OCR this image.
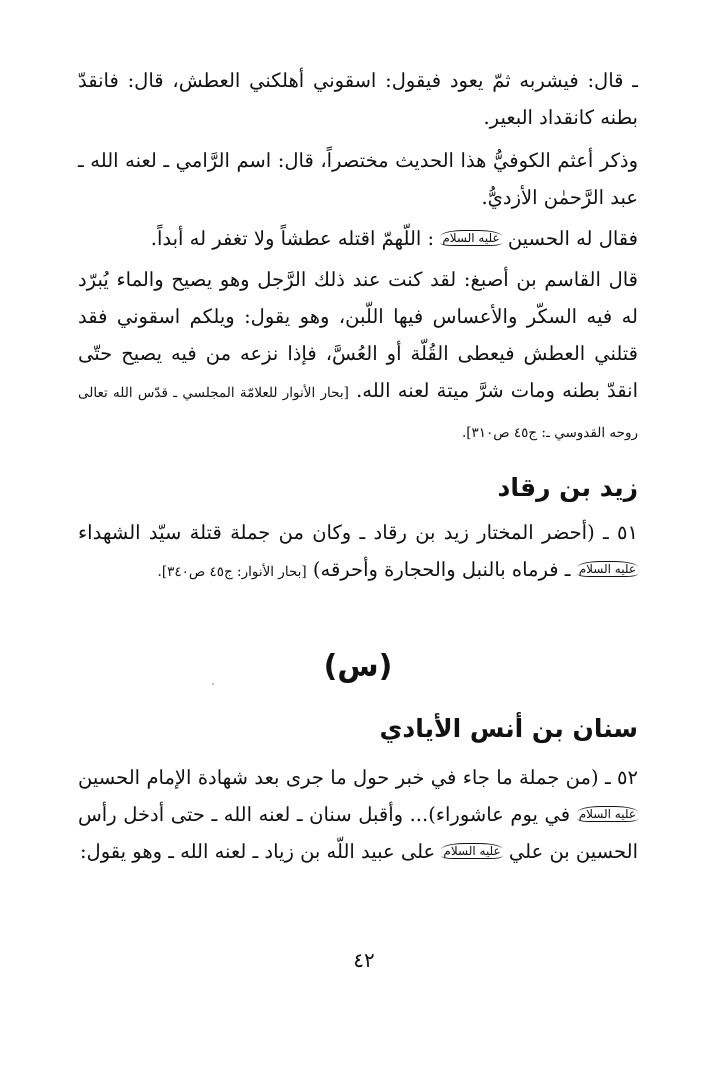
ـ قال: فيشربه ثمّ يعود فيقول: اسقوني أهلكني العطش، قال: فانقدّ بطنه كانقداد البعير.

وذكر أعثم الكوفيُّ هذا الحديث مختصراً، قال: اسم الرَّامي ـ لعنه الله ـ عبد الرَّحمٰن الأزديُّ.

فقال له الحسين عليه السلام : اللّهمّ اقتله عطشاً ولا تغفر له أبداً.

قال القاسم بن أصبغ: لقد كنت عند ذلك الرَّجل وهو يصيح والماء يُبرّد له فيه السكّر والأعساس فيها اللّبن، وهو يقول: ويلكم اسقوني فقد قتلني العطش فيعطى القُلّة أو العُسَّ، فإذا نزعه من فيه يصيح حتّى انقدّ بطنه ومات شرَّ ميتة لعنه الله. [بحار الأنوار للعلامّة المجلسي ـ قدّس الله تعالى روحه القدوسي ـ: ج٤٥ ص٣١٠].

زيد بن رقاد

٥١ ـ (أحضر المختار زيد بن رقاد ـ وكان من جملة قتلة سيّد الشهداء عليه السلام ـ فرماه بالنبل والحجارة وأحرقه) [بحار الأنوار: ج٤٥ ص٣٤٠].

(س)
سنان بن أنس الأيادي

٥٢ ـ (من جملة ما جاء في خبر حول ما جرى بعد شهادة الإمام الحسين عليه السلام في يوم عاشوراء)... وأقبل سنان ـ لعنه الله ـ حتى أدخل رأس الحسين بن علي عليه السلام على عبيد اللّه بن زياد ـ لعنه الله ـ وهو يقول:

٤٢
